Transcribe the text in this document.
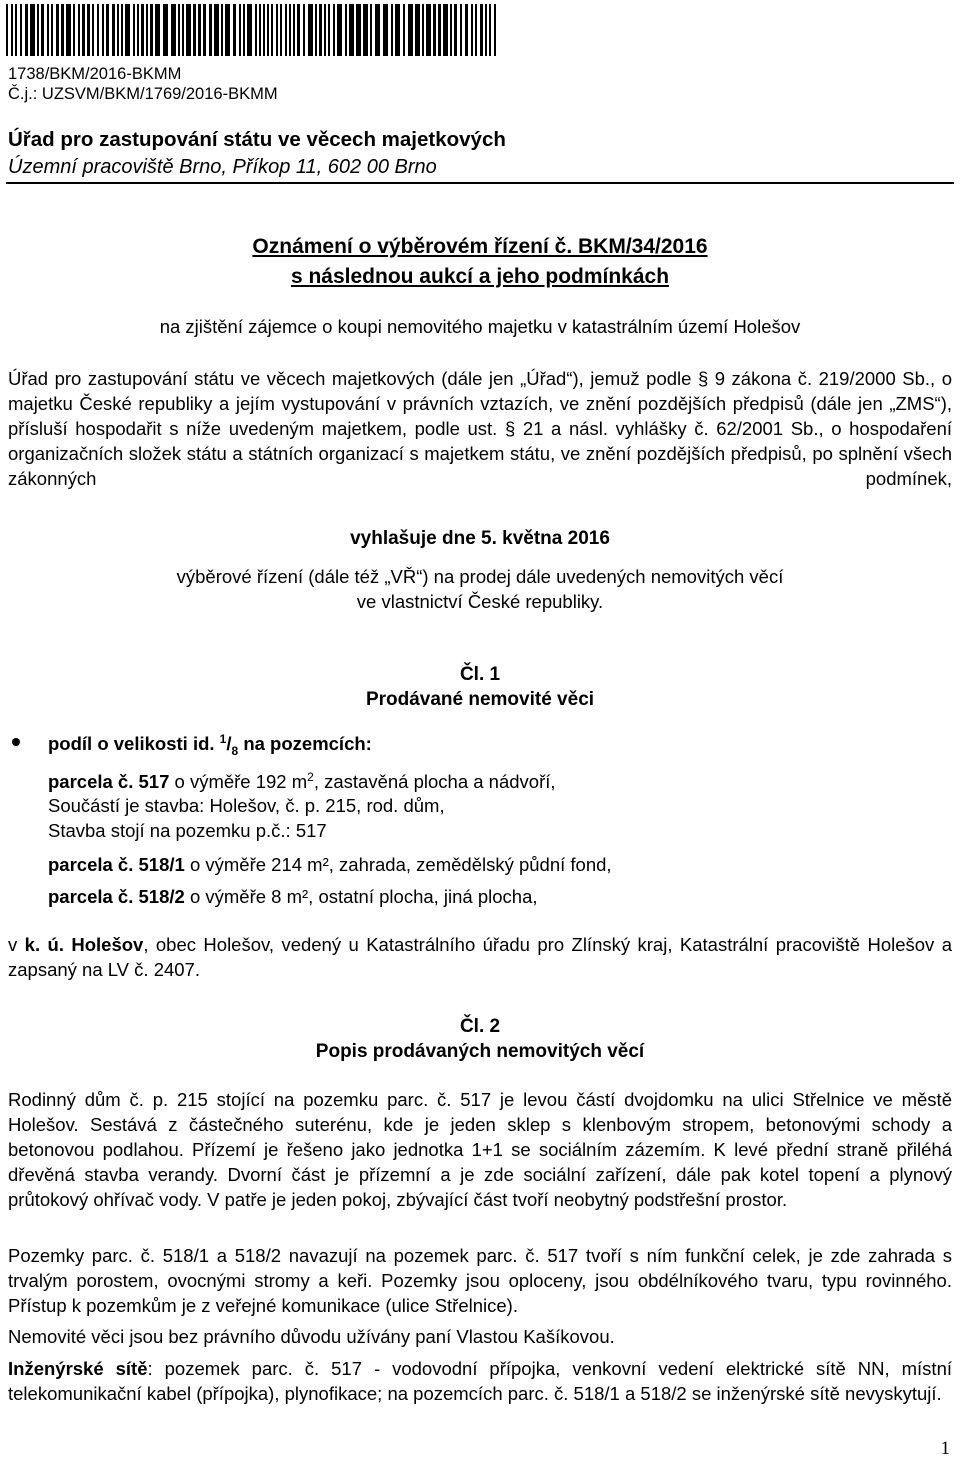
1738/BKM/2016-BKMM
Č.j.: UZSVM/BKM/1769/2016-BKMM
Úřad pro zastupování státu ve věcech majetkových
Územní pracoviště Brno, Příkop 11, 602 00 Brno
Oznámení o výběrovém řízení č. BKM/34/2016
s následnou aukcí a jeho podmínkách
na zjištění zájemce o koupi nemovitého majetku v katastrálním území Holešov
Úřad pro zastupování státu ve věcech majetkových (dále jen „Úřad“), jemuž podle § 9 zákona č. 219/2000 Sb., o majetku České republiky a jejím vystupování v právních vztazích, ve znění pozdějších předpisů (dále jen „ZMS“), přísluší hospodařit s níže uvedeným majetkem, podle ust. § 21 a násl. vyhlášky č. 62/2001 Sb., o hospodaření organizačních složek státu a státních organizací s majetkem státu, ve znění pozdějších předpisů, po splnění všech zákonných podmínek,
vyhlašuje dne 5. května 2016
výběrové řízení (dále též „VŘ“) na prodej dále uvedených nemovitých věcí
ve vlastnictví České republiky.
Čl. 1
Prodávané nemovité věci
podíl o velikosti id. $^1/_8$ na pozemcích:
parcela č. 517 o výměře 192 $m^2$, zastavěná plocha a nádvoří,
Součástí je stavba: Holešov, č. p. 215, rod. dům,
Stavba stojí na pozemku p.č.: 517
parcela č. 518/1 o výměře 214 m², zahrada, zemědělský půdní fond,
parcela č. 518/2 o výměře 8 m², ostatní plocha, jiná plocha,
v k. ú. Holešov, obec Holešov, vedený u Katastrálního úřadu pro Zlínský kraj, Katastrální pracoviště Holešov a zapsaný na LV č. 2407.
Čl. 2
Popis prodávaných nemovitých věcí
Rodinný dům č. p. 215 stojící na pozemku parc. č. 517 je levou částí dvojdomku na ulici Střelnice ve městě Holešov. Sestává z částečného suterénu, kde je jeden sklep s klenbovým stropem, betonovými schody a betonovou podlahou. Přízemí je řešeno jako jednotka 1+1 se sociálním zázemím. K levé přední straně přiléhá dřevěná stavba verandy. Dvorní část je přízemní a je zde sociální zařízení, dále pak kotel topení a plynový průtokový ohřívač vody. V patře je jeden pokoj, zbývající část tvoří neobytný podstřešní prostor.
Pozemky parc. č. 518/1 a 518/2 navazují na pozemek parc. č. 517 tvoří s ním funkční celek, je zde zahrada s trvalým porostem, ovocnými stromy a keři. Pozemky jsou oploceny, jsou obdélníkového tvaru, typu rovinného. Přístup k pozemkům je z veřejné komunikace (ulice Střelnice).
Nemovité věci jsou bez právního důvodu užívány paní Vlastou Kašíkovou.
Inženýrské sítě: pozemek parc. č. 517 - vodovodní přípojka, venkovní vedení elektrické sítě NN, místní telekomunikační kabel (přípojka), plynofikace; na pozemcích parc. č. 518/1 a 518/2 se inženýrské sítě nevyskytují.
1
